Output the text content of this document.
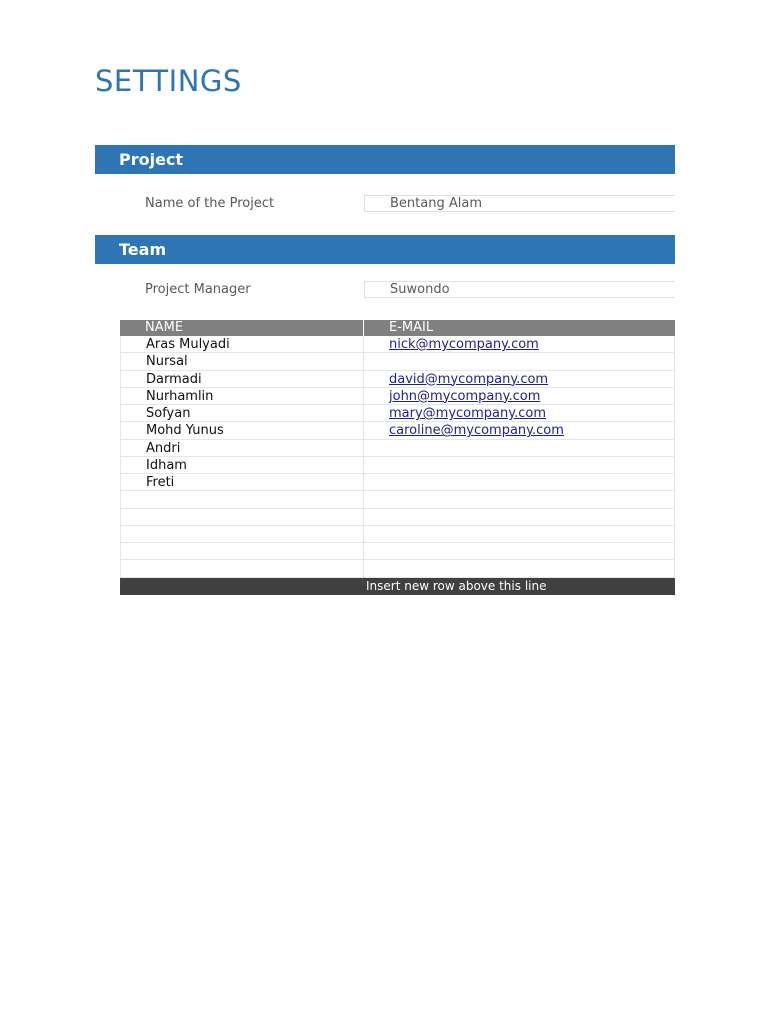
SETTINGS
Project
Name of the Project	Bentang Alam
Team
Project Manager	Suwondo
NAME	E-MAIL
Aras Mulyadi	nick@mycompany.com
Nursal
Darmadi	david@mycompany.com
Nurhamlin	john@mycompany.com
Sofyan	mary@mycompany.com
Mohd Yunus	caroline@mycompany.com
Andri
Idham
Freti
Insert new row above this line
